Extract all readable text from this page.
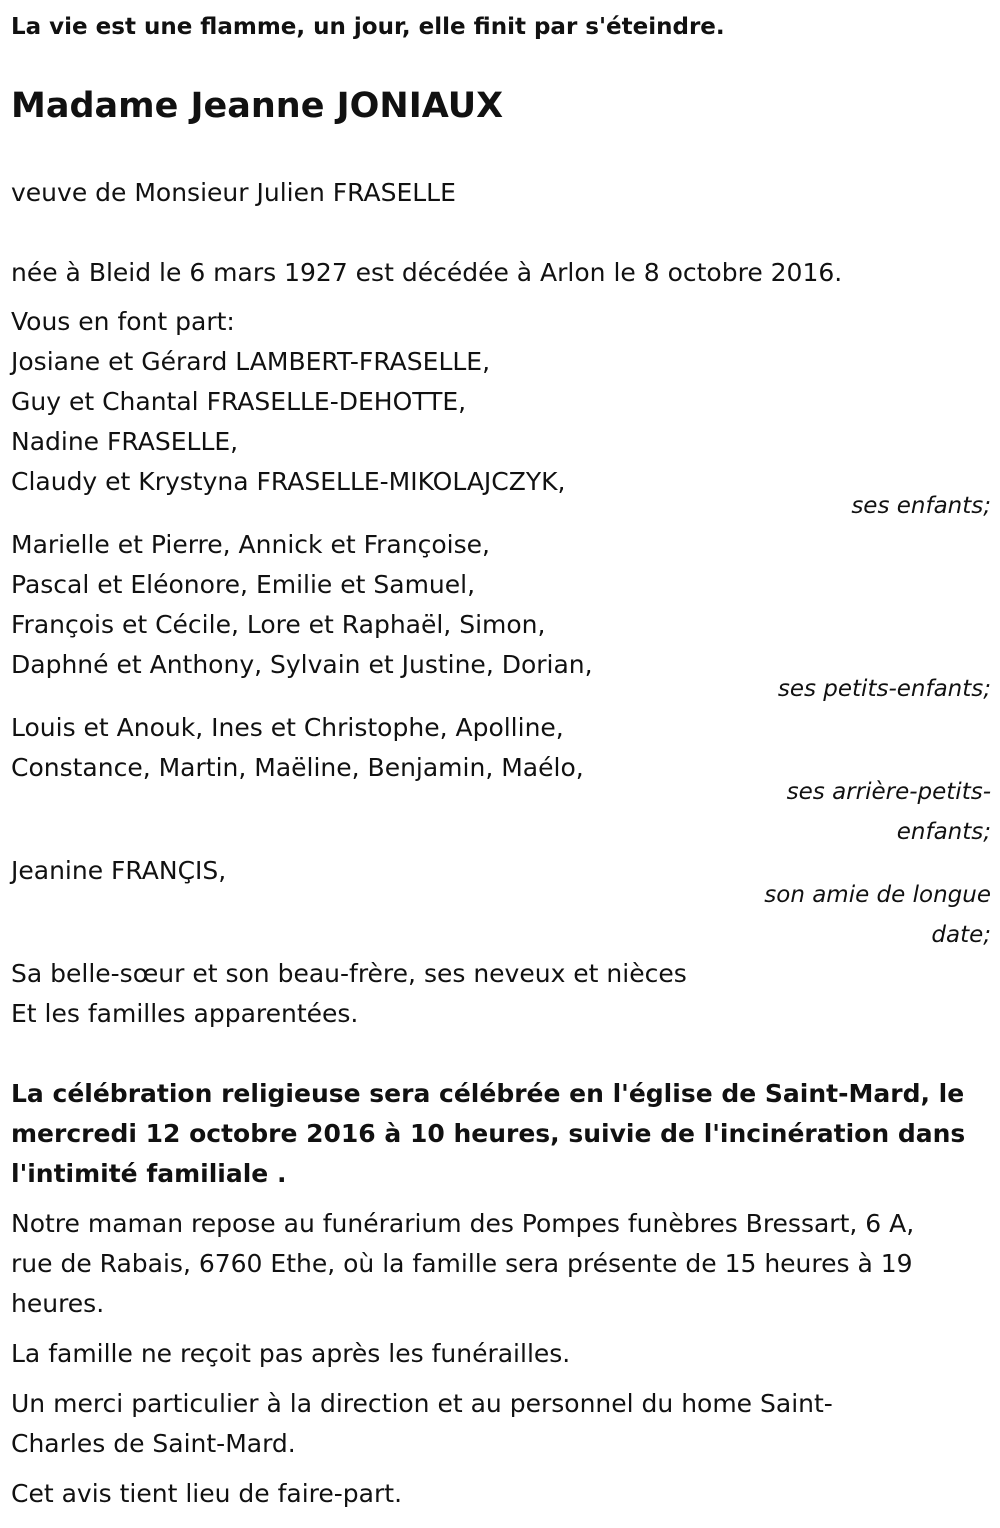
La vie est une flamme, un jour, elle finit par s'éteindre.
Madame Jeanne JONIAUX
veuve de Monsieur Julien FRASELLE
née à Bleid le 6 mars 1927 est décédée à Arlon le 8 octobre 2016.
Vous en font part:
Josiane et Gérard LAMBERT-FRASELLE,
Guy et Chantal FRASELLE-DEHOTTE,
Nadine FRASELLE,
Claudy et Krystyna FRASELLE-MIKOLAJCZYK,
ses enfants;
Marielle et Pierre, Annick et Françoise,
Pascal et Eléonore, Emilie et Samuel,
François et Cécile, Lore et Raphaël, Simon,
Daphné et Anthony, Sylvain et Justine, Dorian,
ses petits-enfants;
Louis et Anouk, Ines et Christophe, Apolline,
Constance, Martin, Maëline, Benjamin, Maélo,
ses arrière-petits-
enfants;
Jeanine FRANÇIS,
son amie de longue
date;
Sa belle-sœur et son beau-frère, ses neveux et nièces
Et les familles apparentées.
La célébration religieuse sera célébrée en l'église de Saint-Mard, le
mercredi 12 octobre 2016 à 10 heures, suivie de l'incinération dans
l'intimité familiale .
Notre maman repose au funérarium des Pompes funèbres Bressart, 6 A,
rue de Rabais, 6760 Ethe, où la famille sera présente de 15 heures à 19
heures.
La famille ne reçoit pas après les funérailles.
Un merci particulier à la direction et au personnel du home Saint-
Charles de Saint-Mard.
Cet avis tient lieu de faire-part.
